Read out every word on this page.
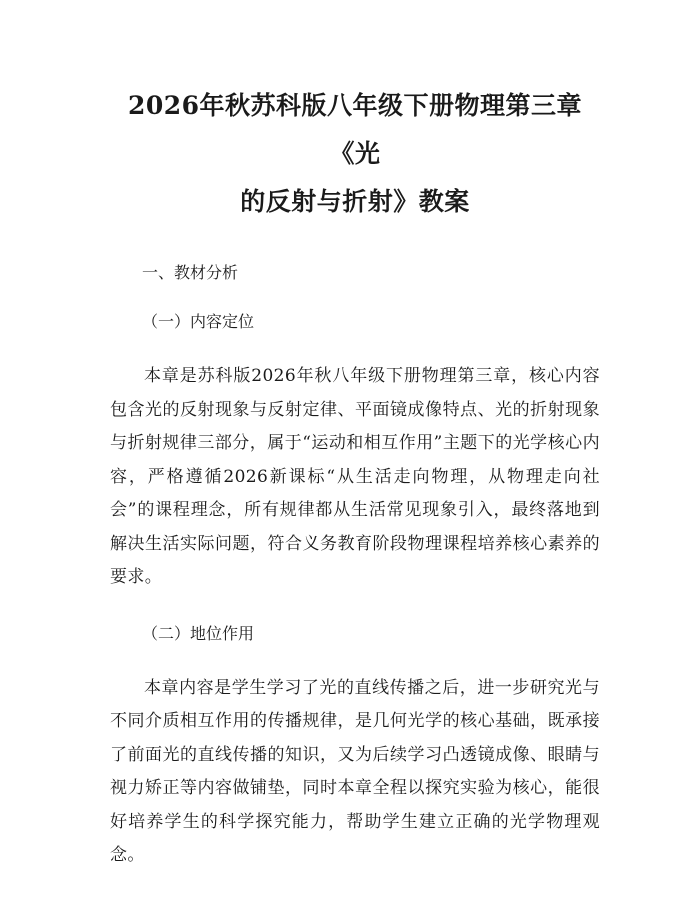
2026年秋苏科版八年级下册物理第三章《光
的反射与折射》教案

一、教材分析

（一）内容定位

本章是苏科版2026年秋八年级下册物理第三章，核心内容包含光的反射现象与反射定律、平面镜成像特点、光的折射现象与折射规律三部分，属于“运动和相互作用”主题下的光学核心内容，严格遵循2026新课标“从生活走向物理，从物理走向社会”的课程理念，所有规律都从生活常见现象引入，最终落地到解决生活实际问题，符合义务教育阶段物理课程培养核心素养的要求。

（二）地位作用

本章内容是学生学习了光的直线传播之后，进一步研究光与不同介质相互作用的传播规律，是几何光学的核心基础，既承接了前面光的直线传播的知识，又为后续学习凸透镜成像、眼睛与视力矫正等内容做铺垫，同时本章全程以探究实验为核心，能很好培养学生的科学探究能力，帮助学生建立正确的光学物理观念。
